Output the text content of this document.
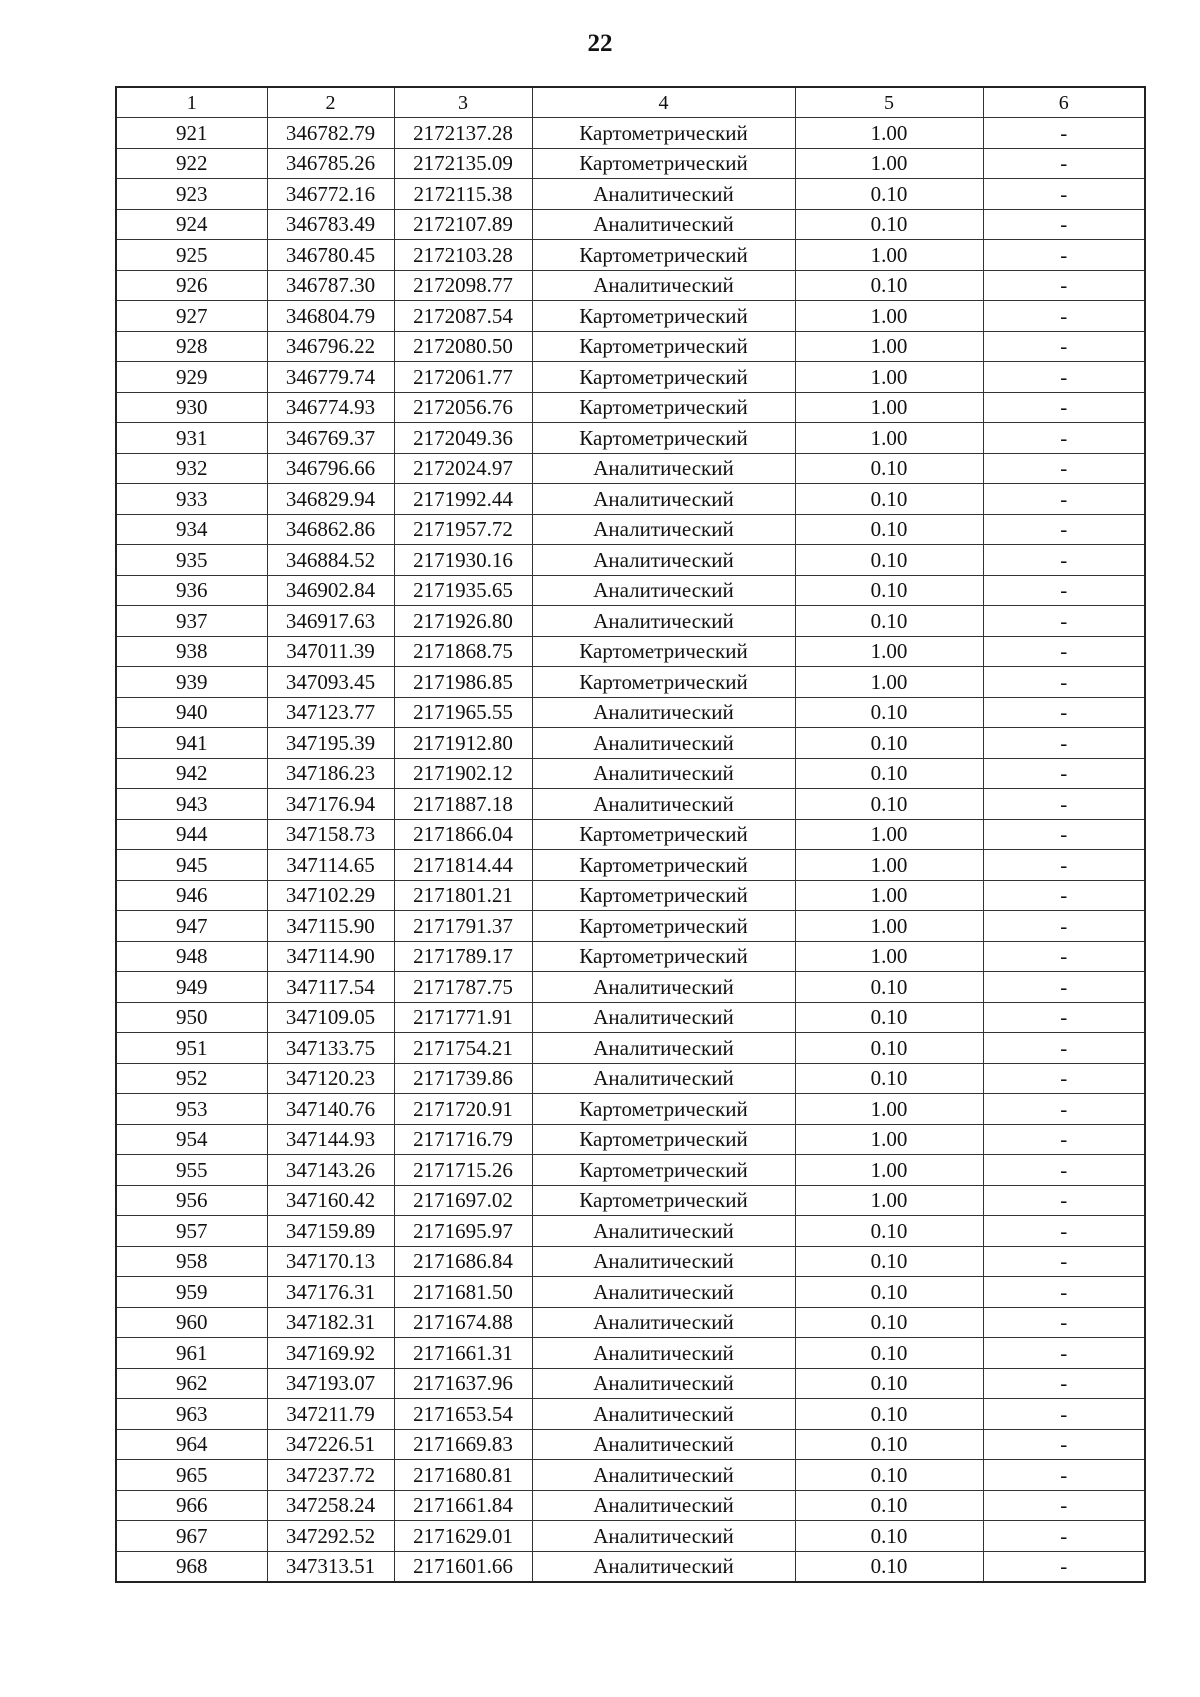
22
1	2	3	4	5	6
921	346782.79	2172137.28	Картометрический	1.00	-
922	346785.26	2172135.09	Картометрический	1.00	-
923	346772.16	2172115.38	Аналитический	0.10	-
924	346783.49	2172107.89	Аналитический	0.10	-
925	346780.45	2172103.28	Картометрический	1.00	-
926	346787.30	2172098.77	Аналитический	0.10	-
927	346804.79	2172087.54	Картометрический	1.00	-
928	346796.22	2172080.50	Картометрический	1.00	-
929	346779.74	2172061.77	Картометрический	1.00	-
930	346774.93	2172056.76	Картометрический	1.00	-
931	346769.37	2172049.36	Картометрический	1.00	-
932	346796.66	2172024.97	Аналитический	0.10	-
933	346829.94	2171992.44	Аналитический	0.10	-
934	346862.86	2171957.72	Аналитический	0.10	-
935	346884.52	2171930.16	Аналитический	0.10	-
936	346902.84	2171935.65	Аналитический	0.10	-
937	346917.63	2171926.80	Аналитический	0.10	-
938	347011.39	2171868.75	Картометрический	1.00	-
939	347093.45	2171986.85	Картометрический	1.00	-
940	347123.77	2171965.55	Аналитический	0.10	-
941	347195.39	2171912.80	Аналитический	0.10	-
942	347186.23	2171902.12	Аналитический	0.10	-
943	347176.94	2171887.18	Аналитический	0.10	-
944	347158.73	2171866.04	Картометрический	1.00	-
945	347114.65	2171814.44	Картометрический	1.00	-
946	347102.29	2171801.21	Картометрический	1.00	-
947	347115.90	2171791.37	Картометрический	1.00	-
948	347114.90	2171789.17	Картометрический	1.00	-
949	347117.54	2171787.75	Аналитический	0.10	-
950	347109.05	2171771.91	Аналитический	0.10	-
951	347133.75	2171754.21	Аналитический	0.10	-
952	347120.23	2171739.86	Аналитический	0.10	-
953	347140.76	2171720.91	Картометрический	1.00	-
954	347144.93	2171716.79	Картометрический	1.00	-
955	347143.26	2171715.26	Картометрический	1.00	-
956	347160.42	2171697.02	Картометрический	1.00	-
957	347159.89	2171695.97	Аналитический	0.10	-
958	347170.13	2171686.84	Аналитический	0.10	-
959	347176.31	2171681.50	Аналитический	0.10	-
960	347182.31	2171674.88	Аналитический	0.10	-
961	347169.92	2171661.31	Аналитический	0.10	-
962	347193.07	2171637.96	Аналитический	0.10	-
963	347211.79	2171653.54	Аналитический	0.10	-
964	347226.51	2171669.83	Аналитический	0.10	-
965	347237.72	2171680.81	Аналитический	0.10	-
966	347258.24	2171661.84	Аналитический	0.10	-
967	347292.52	2171629.01	Аналитический	0.10	-
968	347313.51	2171601.66	Аналитический	0.10	-
